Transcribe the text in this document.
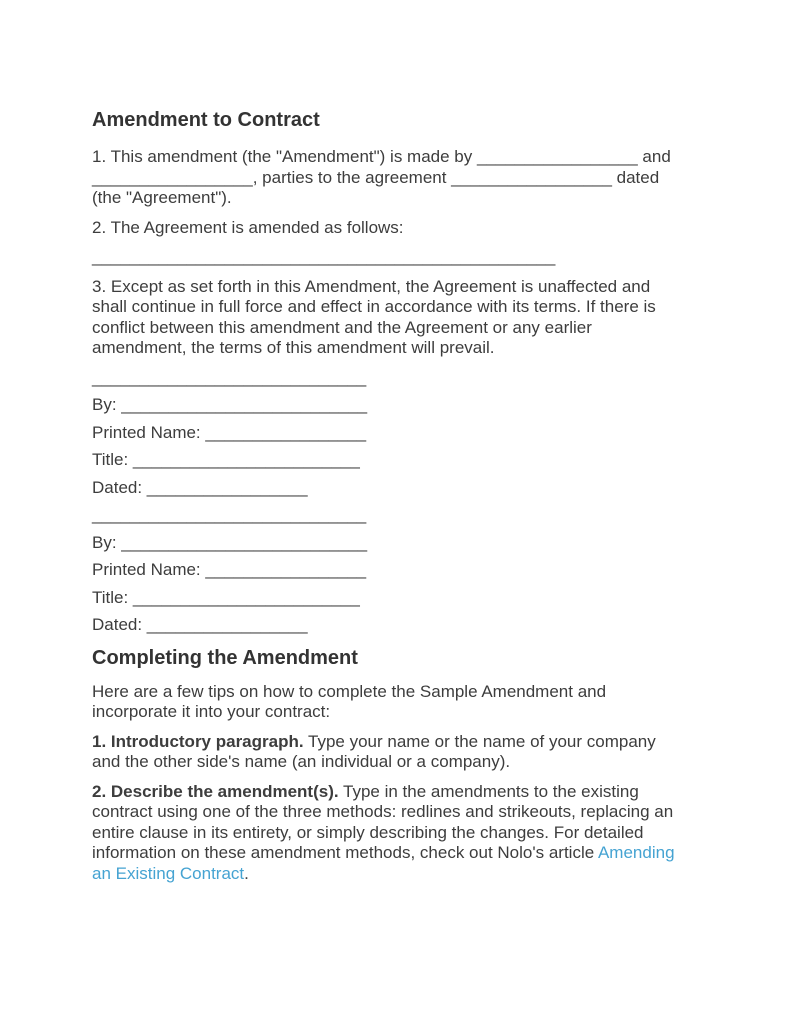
Amendment to Contract

1. This amendment (the "Amendment") is made by _________________ and _________________, parties to the agreement _________________ dated (the "Agreement").

2. The Agreement is amended as follows:

_________________________________________________

3. Except as set forth in this Amendment, the Agreement is unaffected and shall continue in full force and effect in accordance with its terms. If there is conflict between this amendment and the Agreement or any earlier amendment, the terms of this amendment will prevail.

_____________________________

By: __________________________

Printed Name: _________________

Title: ________________________

Dated: _________________

_____________________________

By: __________________________

Printed Name: _________________

Title: ________________________

Dated: _________________

Completing the Amendment

Here are a few tips on how to complete the Sample Amendment and incorporate it into your contract:

1. Introductory paragraph. Type your name or the name of your company and the other side's name (an individual or a company).

2. Describe the amendment(s). Type in the amendments to the existing contract using one of the three methods: redlines and strikeouts, replacing an entire clause in its entirety, or simply describing the changes. For detailed information on these amendment methods, check out Nolo's article Amending an Existing Contract.
